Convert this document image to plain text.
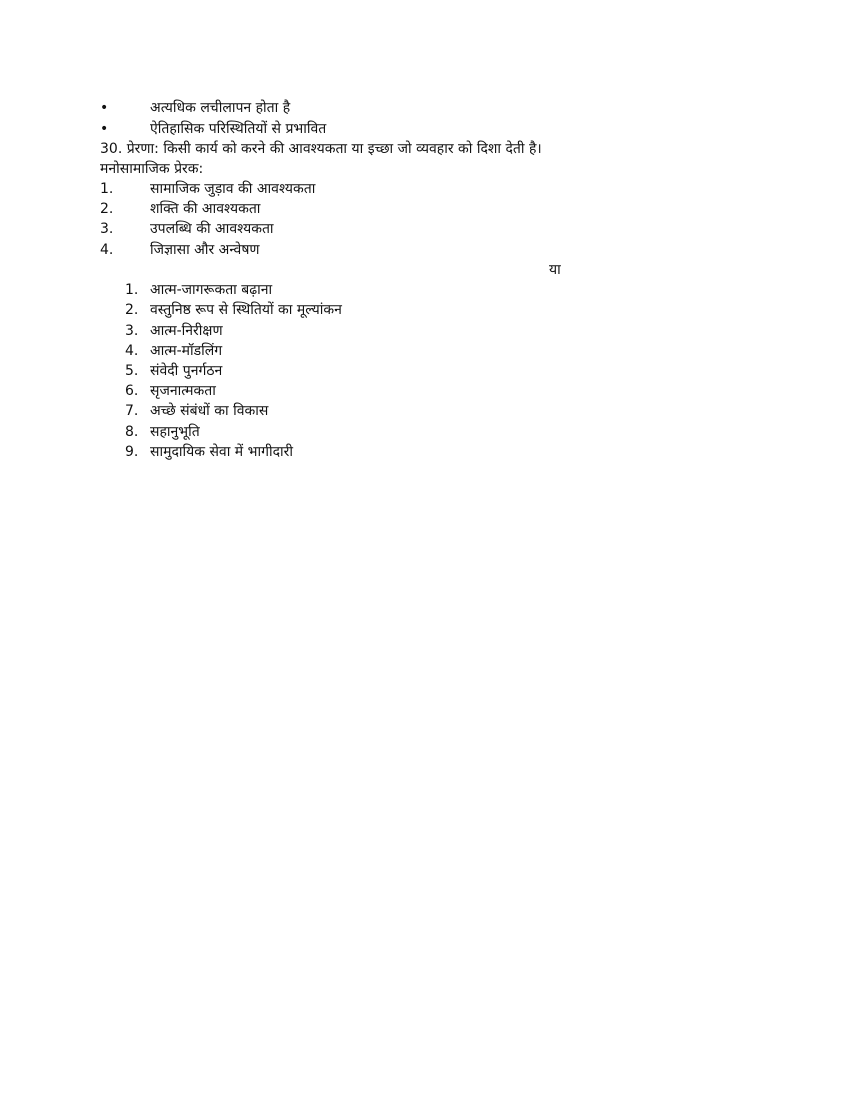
•	अत्यधिक लचीलापन होता है
•	ऐतिहासिक परिस्थितियों से प्रभावित
30. प्रेरणा: किसी कार्य को करने की आवश्यकता या इच्छा जो व्यवहार को दिशा देती है।
मनोसामाजिक प्रेरक:
1.	सामाजिक जुड़ाव की आवश्यकता
2.	शक्ति की आवश्यकता
3.	उपलब्धि की आवश्यकता
4.	जिज्ञासा और अन्वेषण
या
1. आत्म-जागरूकता बढ़ाना
2. वस्तुनिष्ठ रूप से स्थितियों का मूल्यांकन
3. आत्म-निरीक्षण
4. आत्म-मॉडलिंग
5. संवेदी पुनर्गठन
6. सृजनात्मकता
7. अच्छे संबंधों का विकास
8. सहानुभूति
9. सामुदायिक सेवा में भागीदारी
